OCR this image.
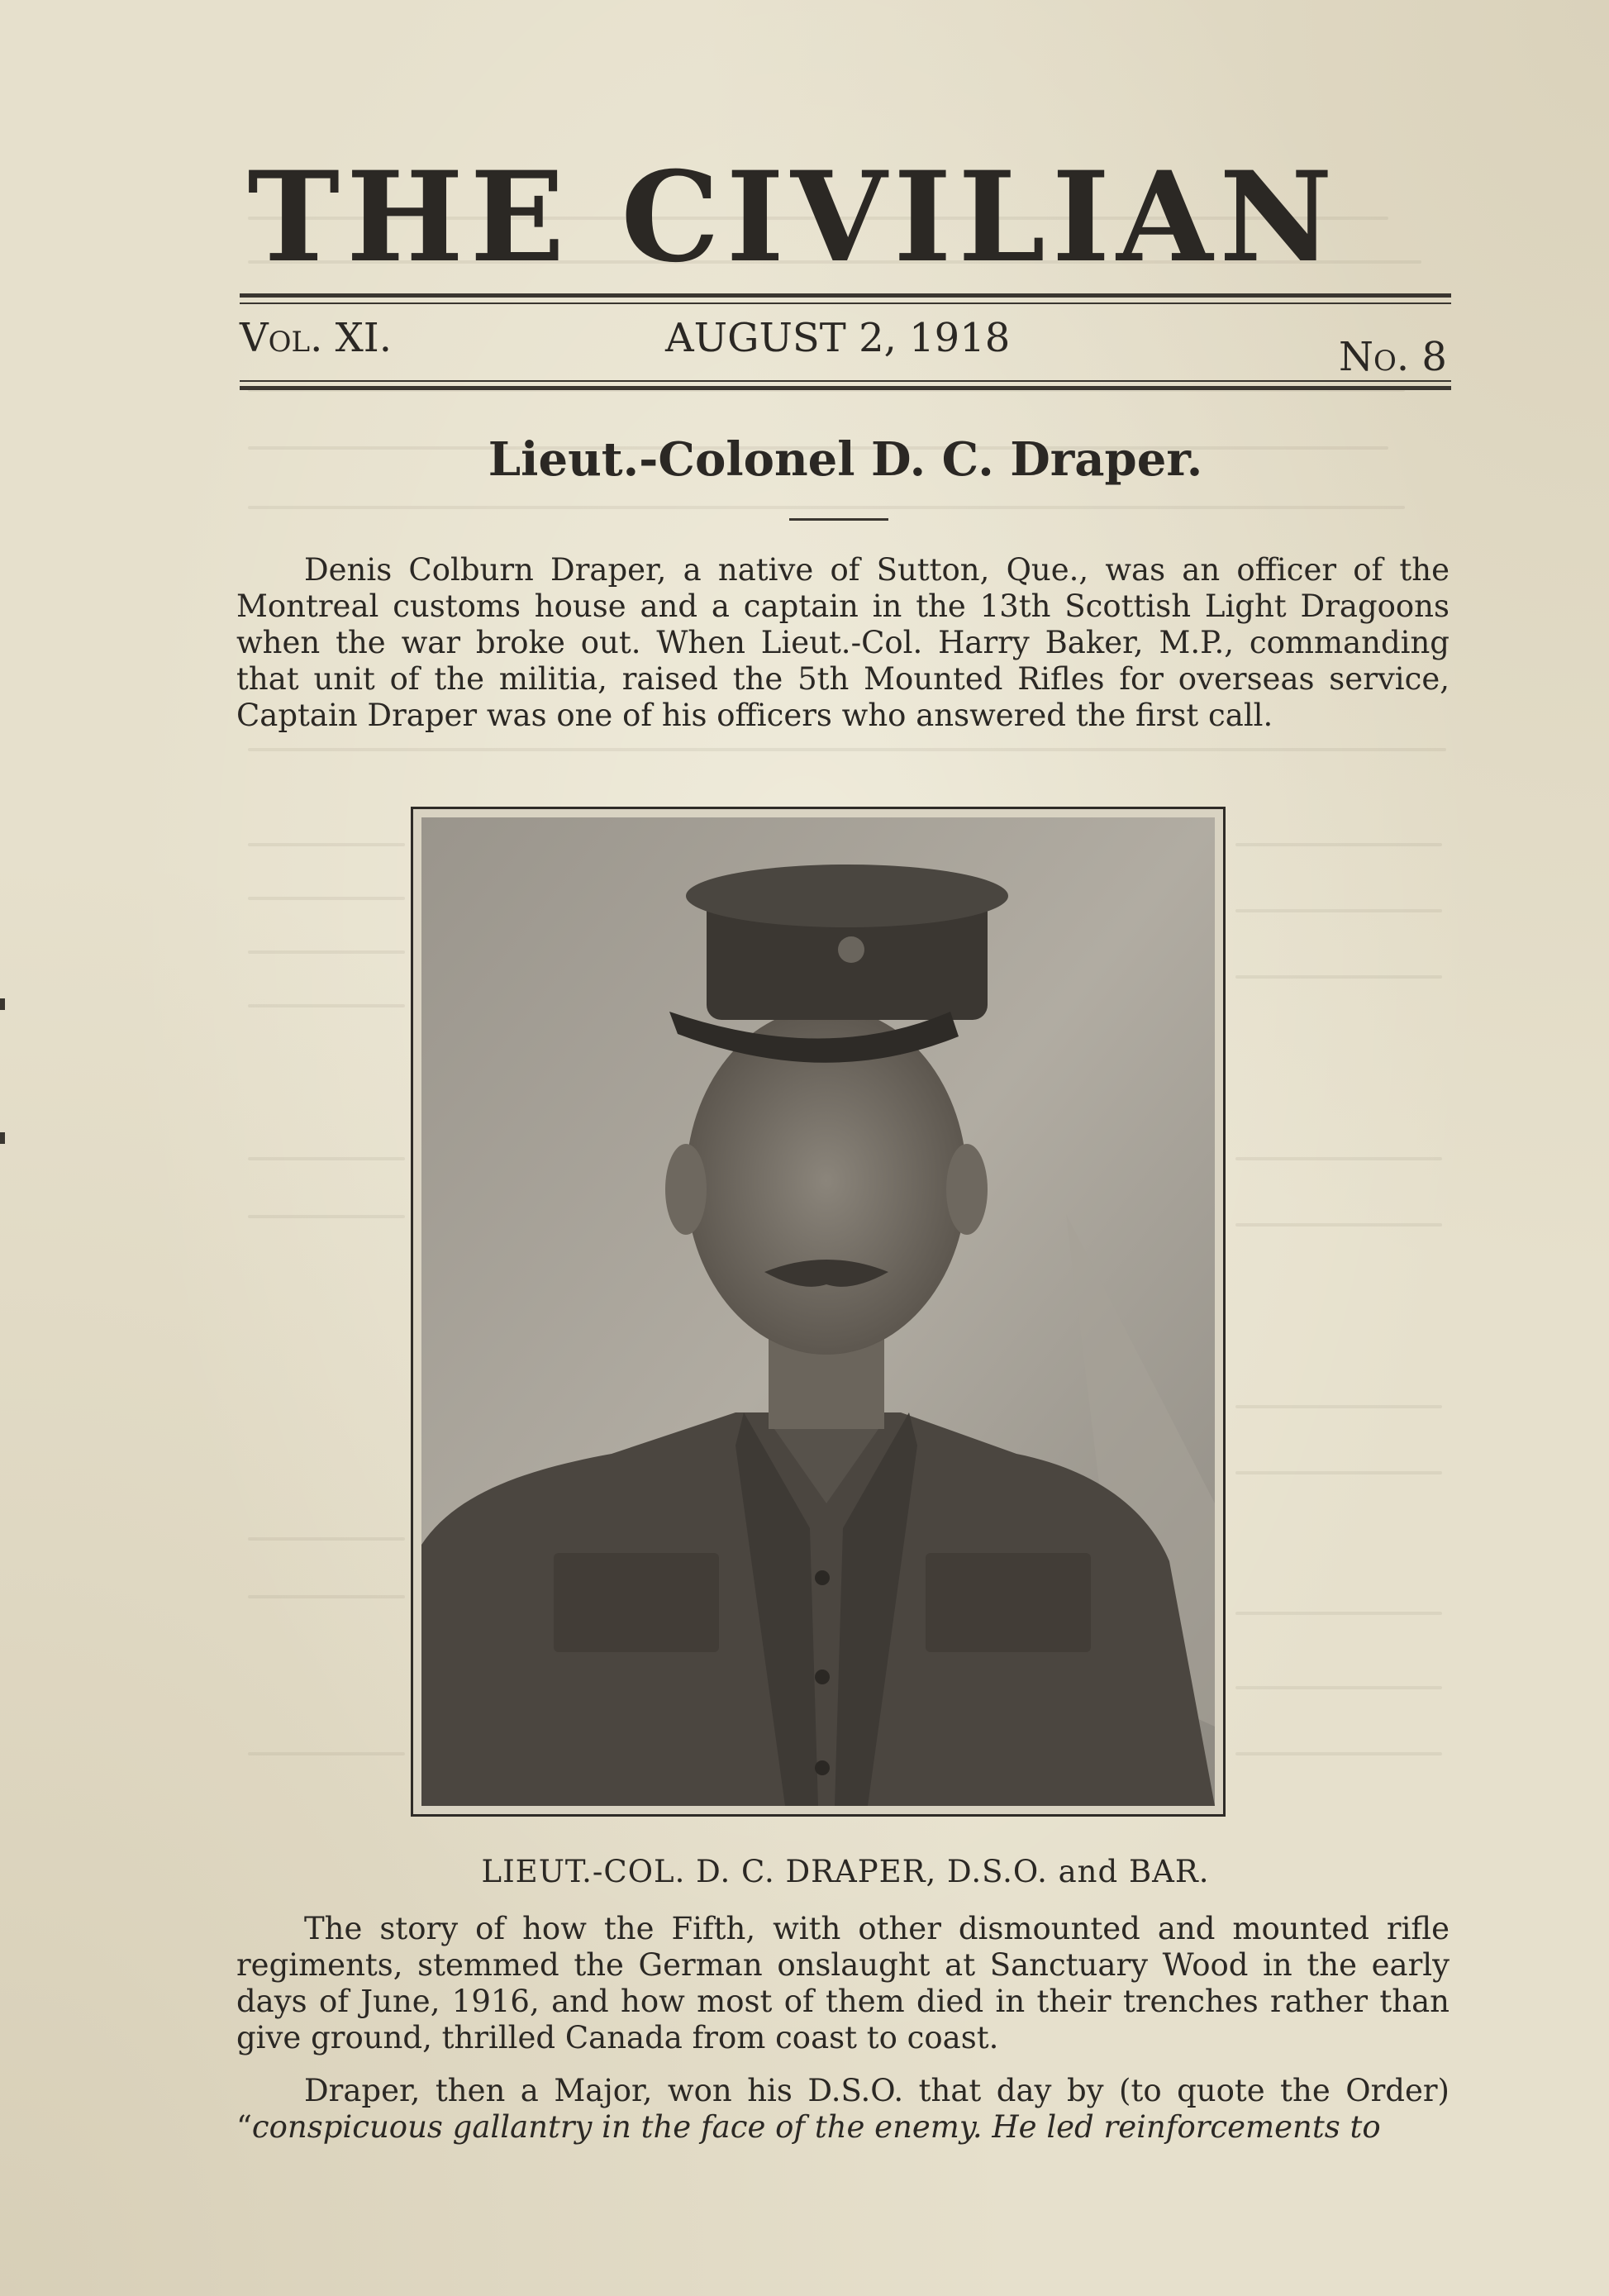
THE CIVILIAN
Vol. XI.	AUGUST 2, 1918	No. 8
Lieut.-Colonel D. C. Draper.

Denis Colburn Draper, a native of Sutton, Que., was an officer of the Montreal customs house and a captain in the 13th Scottish Light Dragoons when the war broke out. When Lieut.-Col. Harry Baker, M.P., commanding that unit of the militia, raised the 5th Mounted Rifles for overseas service, Captain Draper was one of his officers who answered the first call.

LIEUT.-COL. D. C. DRAPER, D.S.O. and BAR.

The story of how the Fifth, with other dismounted and mounted rifle regiments, stemmed the German onslaught at Sanctuary Wood in the early days of June, 1916, and how most of them died in their trenches rather than give ground, thrilled Canada from coast to coast.

Draper, then a Major, won his D.S.O. that day by (to quote the Order) “conspicuous gallantry in the face of the enemy. He led reinforcements to
